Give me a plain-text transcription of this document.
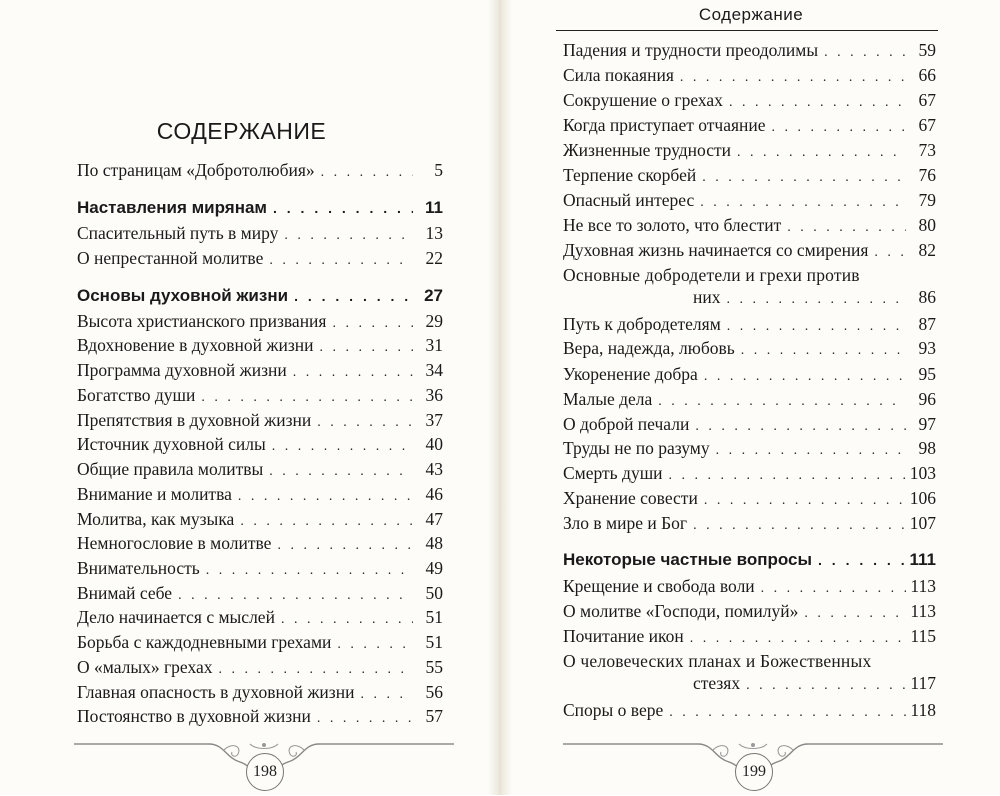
Содержание
СОДЕРЖАНИЕ
По страницам «Добротолюбия» . . .	5
Наставления мирянам . . .	11
Спасительный путь в миру . . .	13
О непрестанной молитве . . .	22
Основы духовной жизни . . .	27
Высота христианского призвания . . .	29
Вдохновение в духовной жизни . . .	31
Программа духовной жизни . . .	34
Богатство души . . .	36
Препятствия в духовной жизни . . .	37
Источник духовной силы . . .	40
Общие правила молитвы . . .	43
Внимание и молитва . . .	46
Молитва, как музыка . . .	47
Немногословие в молитве . . .	48
Внимательность . . .	49
Внимай себе . . .	50
Дело начинается с мыслей . . .	51
Борьба с каждодневными грехами . . .	51
О «малых» грехах . . .	55
Главная опасность в духовной жизни . . .	56
Постоянство в духовной жизни . . .	57
Падения и трудности преодолимы . . .	59
Сила покаяния . . .	66
Сокрушение о грехах . . .	67
Когда приступает отчаяние . . .	67
Жизненные трудности . . .	73
Терпение скорбей . . .	76
Опасный интерес . . .	79
Не все то золото, что блестит . . .	80
Духовная жизнь начинается со смирения . . .	82
Основные добродетели и грехи против
них . . .	86
Путь к добродетелям . . .	87
Вера, надежда, любовь . . .	93
Укоренение добра . . .	95
Малые дела . . .	96
О доброй печали . . .	97
Труды не по разуму . . .	98
Смерть души . . .	103
Хранение совести . . .	106
Зло в мире и Бог . . .	107
Некоторые частные вопросы . . .	111
Крещение и свобода воли . . .	113
О молитве «Господи, помилуй» . . .	113
Почитание икон . . .	115
О человеческих планах и Божественных
стезях . . .	117
Споры о вере . . .	118
198	199
